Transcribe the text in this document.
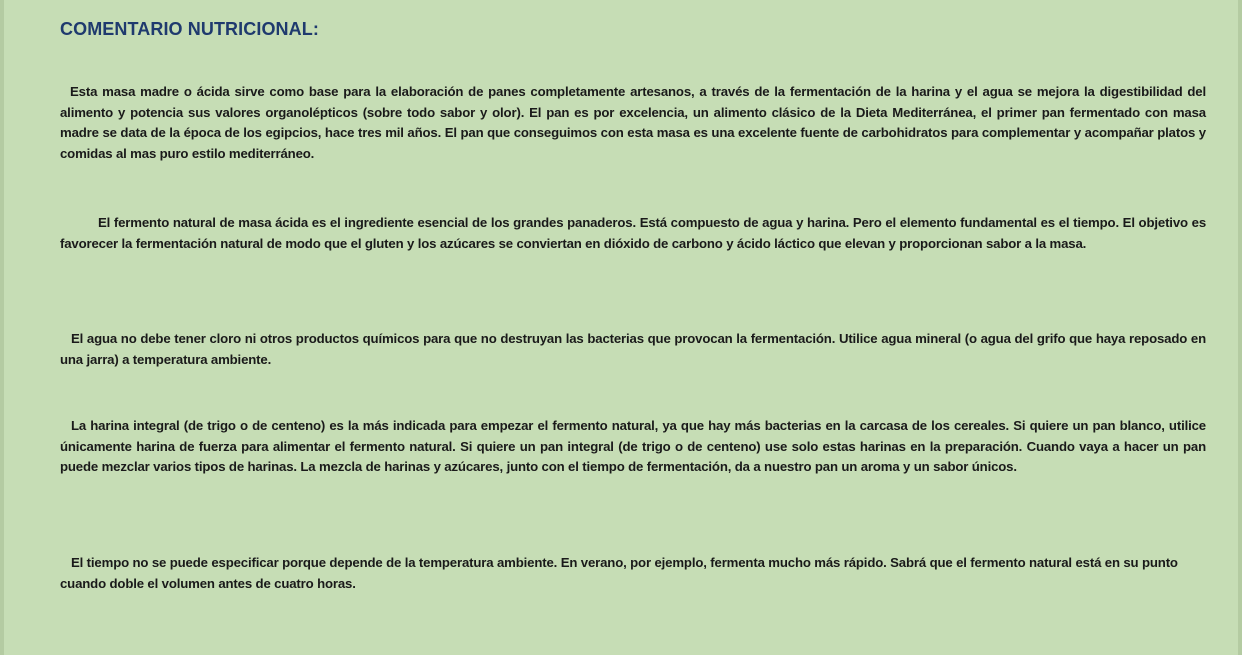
COMENTARIO NUTRICIONAL:

Esta masa madre o ácida sirve como base para la elaboración de panes completamente artesanos, a través de la fermentación de la harina y el agua se mejora la digestibilidad del alimento y potencia sus valores organolépticos (sobre todo sabor y olor). El pan es por excelencia, un alimento clásico de la Dieta Mediterránea, el primer pan fermentado con masa madre se data de la época de los egipcios, hace tres mil años. El pan que conseguimos con esta masa es una excelente fuente de carbohidratos para complementar y acompañar platos y comidas al mas puro estilo mediterráneo.

El fermento natural de masa ácida es el ingrediente esencial de los grandes panaderos. Está compuesto de agua y harina. Pero el elemento fundamental es el tiempo. El objetivo es favorecer la fermentación natural de modo que el gluten y los azúcares se conviertan en dióxido de carbono y ácido láctico que elevan y proporcionan sabor a la masa.

El agua no debe tener cloro ni otros productos químicos para que no destruyan las bacterias que provocan la fermentación. Utilice agua mineral (o agua del grifo que haya reposado en una jarra) a temperatura ambiente.

La harina integral (de trigo o de centeno) es la más indicada para empezar el fermento natural, ya que hay más bacterias en la carcasa de los cereales. Si quiere un pan blanco, utilice únicamente harina de fuerza para alimentar el fermento natural. Si quiere un pan integral (de trigo o de centeno) use solo estas harinas en la preparación. Cuando vaya a hacer un pan puede mezclar varios tipos de harinas. La mezcla de harinas y azúcares, junto con el tiempo de fermentación, da a nuestro pan un aroma y un sabor únicos.

El tiempo no se puede especificar porque depende de la temperatura ambiente. En verano, por ejemplo, fermenta mucho más rápido. Sabrá que el fermento natural está en su punto cuando doble el volumen antes de cuatro horas.
